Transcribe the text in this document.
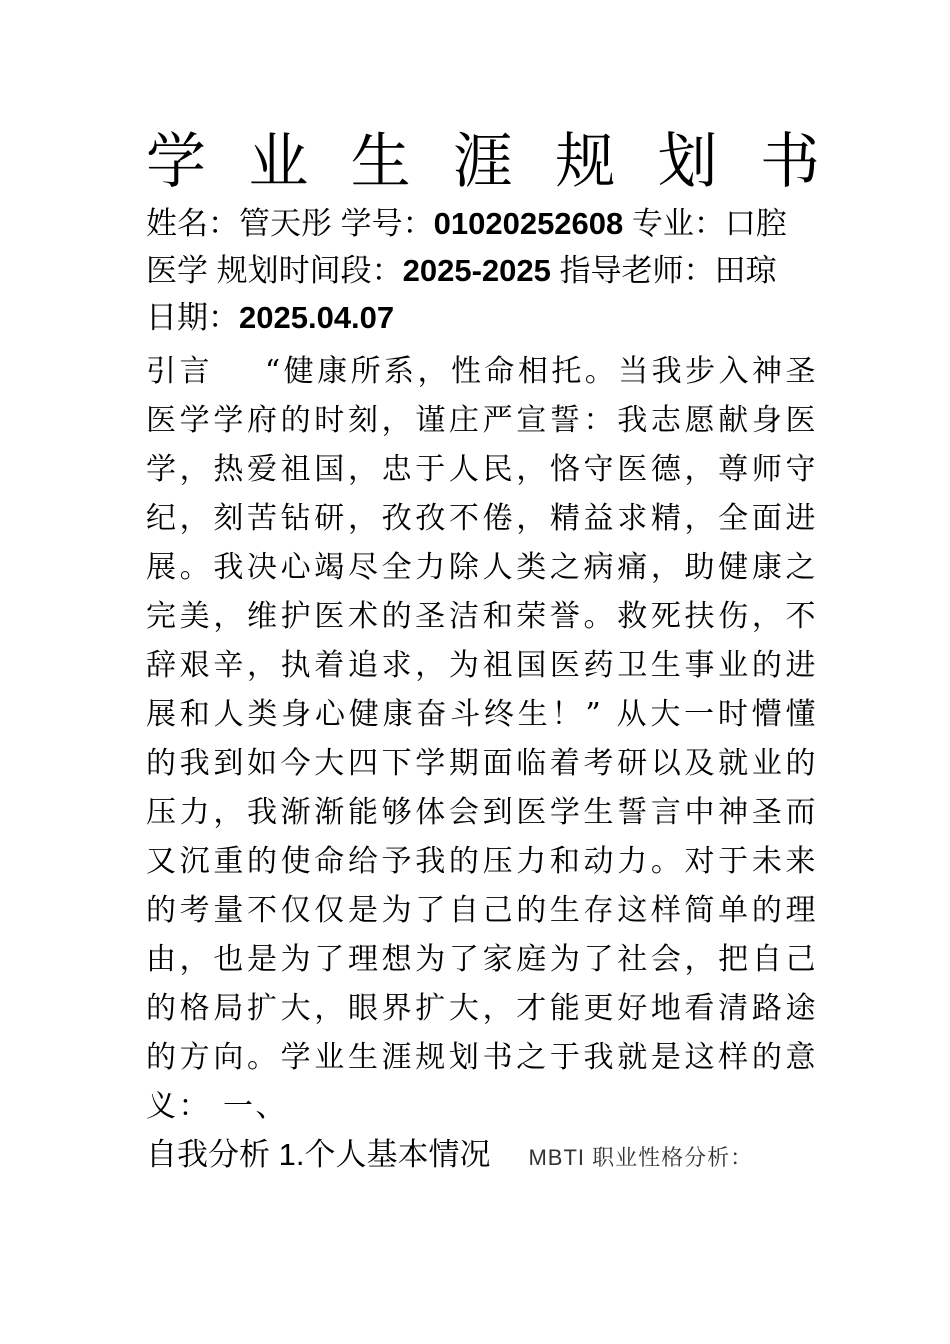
学 业 生 涯 规 划 书
姓名：管天彤 学号：01020252608 专业：口腔医学 规划时间段：2025-2025 指导老师：田琼 日期：2025.04.07

引言 “健康所系，性命相托。当我步入神圣医学学府的时刻，谨庄严宣誓：我志愿献身医学，热爱祖国，忠于人民，恪守医德，尊师守纪，刻苦钻研，孜孜不倦，精益求精，全面进展。我决心竭尽全力除人类之病痛，助健康之完美，维护医术的圣洁和荣誉。救死扶伤，不辞艰辛，执着追求，为祖国医药卫生事业的进展和人类身心健康奋斗终生！” 从大一时懵懂的我到如今大四下学期面临着考研以及就业的压力，我渐渐能够体会到医学生誓言中神圣而又沉重的使命给予我的压力和动力。对于未来的考量不仅仅是为了自己的生存这样简单的理由，也是为了理想为了家庭为了社会，把自己的格局扩大，眼界扩大，才能更好地看清路途的方向。学业生涯规划书之于我就是这样的意义： 一、

自我分析 1.个人基本情况 MBTI 职业性格分析：
